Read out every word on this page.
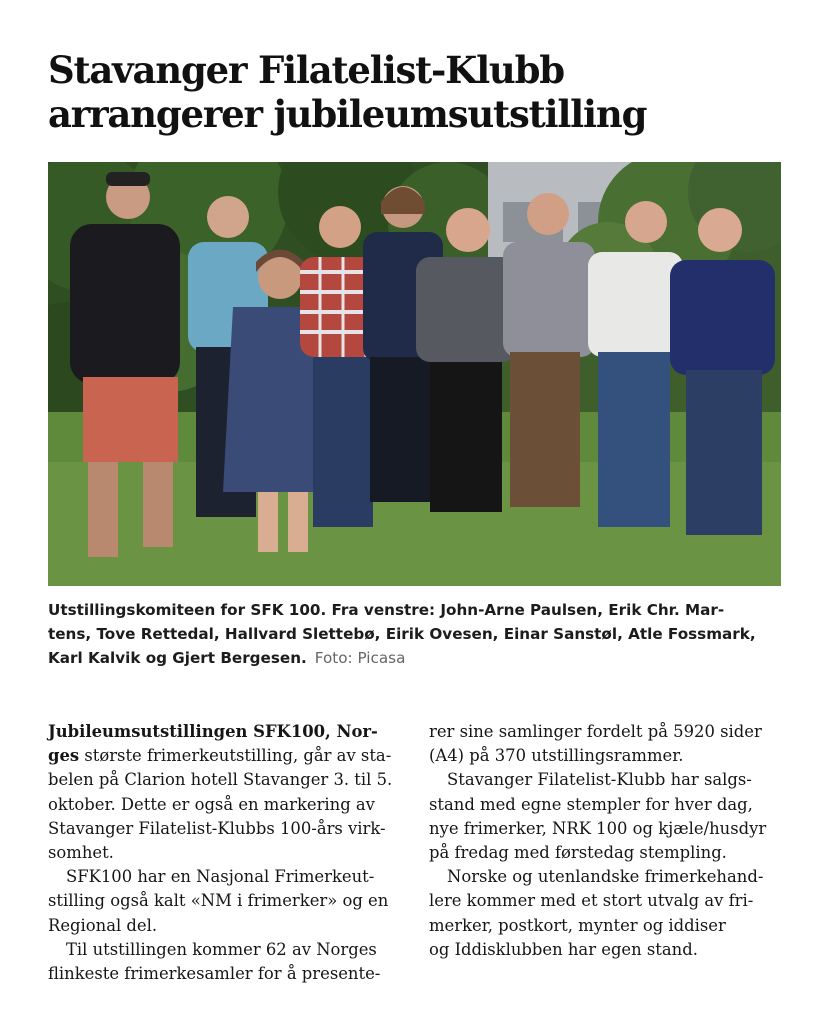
Stavanger Filatelist-Klubb
arrangerer jubileumsutstilling
Utstillingskomiteen for SFK 100. Fra venstre: John-Arne Paulsen, Erik Chr. Mar-
tens, Tove Rettedal, Hallvard Slettebø, Eirik Ovesen, Einar Sanstøl, Atle Fossmark,
Karl Kalvik og Gjert Bergesen. Foto: Picasa
Jubileumsutstillingen SFK100, Nor-
ges største frimerkeutstilling, går av sta-
belen på Clarion hotell Stavanger 3. til 5.
oktober. Dette er også en markering av
Stavanger Filatelist-Klubbs 100-års virk-
somhet.
SFK100 har en Nasjonal Frimerkeut-
stilling også kalt «NM i frimerker» og en
Regional del.
Til utstillingen kommer 62 av Norges
flinkeste frimerkesamler for å presente-
rer sine samlinger fordelt på 5920 sider
(A4) på 370 utstillingsrammer.
Stavanger Filatelist-Klubb har salgs-
stand med egne stempler for hver dag,
nye frimerker, NRK 100 og kjæle/husdyr
på fredag med førstedag stempling.
Norske og utenlandske frimerkehand-
lere kommer med et stort utvalg av fri-
merker, postkort, mynter og iddiser
og Iddisklubben har egen stand.
